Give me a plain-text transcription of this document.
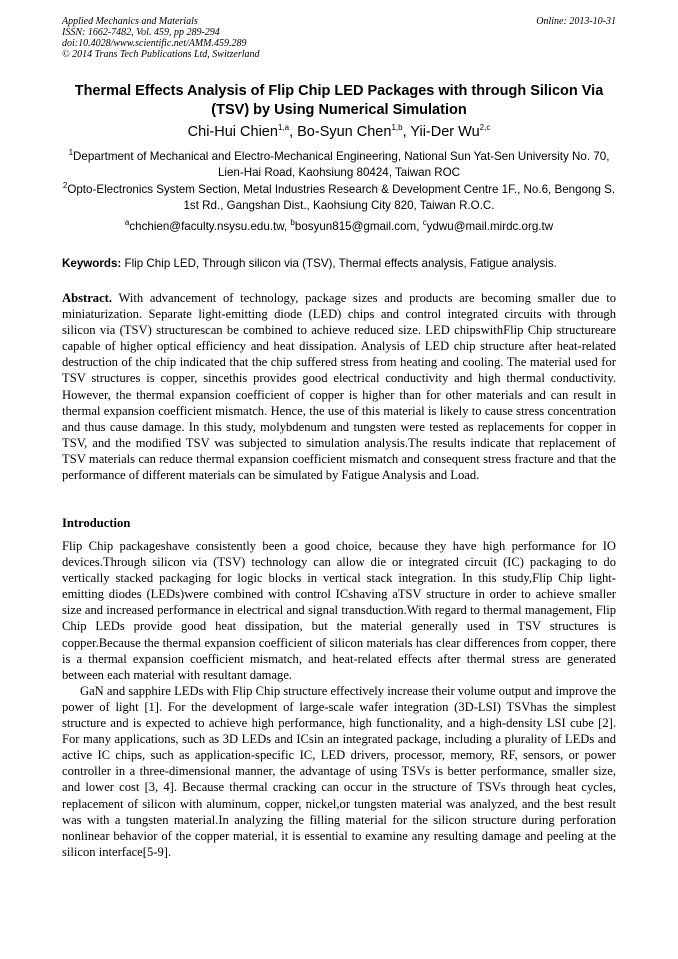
Applied Mechanics and Materials
ISSN: 1662-7482, Vol. 459, pp 289-294
doi:10.4028/www.scientific.net/AMM.459.289
© 2014 Trans Tech Publications Ltd, Switzerland
Online: 2013-10-31
Thermal Effects Analysis of Flip Chip LED Packages with through Silicon Via (TSV) by Using Numerical Simulation
Chi-Hui Chien$^{1,a}$, Bo-Syun Chen$^{1,b}$, Yii-Der Wu$^{2,c}$
$^1$Department of Mechanical and Electro-Mechanical Engineering, National Sun Yat-Sen University No. 70, Lien-Hai Road, Kaohsiung 80424, Taiwan ROC
$^2$Opto-Electronics System Section, Metal Industries Research & Development Centre 1F., No.6, Bengong S. 1st Rd., Gangshan Dist., Kaohsiung City 820, Taiwan R.O.C.
$^a$chchien@faculty.nsysu.edu.tw, $^b$bosyun815@gmail.com, $^c$ydwu@mail.mirdc.org.tw
Keywords: Flip Chip LED, Through silicon via (TSV), Thermal effects analysis, Fatigue analysis.

Abstract. With advancement of technology, package sizes and products are becoming smaller due to miniaturization. Separate light-emitting diode (LED) chips and control integrated circuits with through silicon via (TSV) structurescan be combined to achieve reduced size. LED chipswithFlip Chip structureare capable of higher optical efficiency and heat dissipation. Analysis of LED chip structure after heat-related destruction of the chip indicated that the chip suffered stress from heating and cooling. The material used for TSV structures is copper, sincethis provides good electrical conductivity and high thermal conductivity. However, the thermal expansion coefficient of copper is higher than for other materials and can result in thermal expansion coefficient mismatch. Hence, the use of this material is likely to cause stress concentration and thus cause damage. In this study, molybdenum and tungsten were tested as replacements for copper in TSV, and the modified TSV was subjected to simulation analysis.The results indicate that replacement of TSV materials can reduce thermal expansion coefficient mismatch and consequent stress fracture and that the performance of different materials can be simulated by Fatigue Analysis and Load.

Introduction

Flip Chip packageshave consistently been a good choice, because they have high performance for IO devices.Through silicon via (TSV) technology can allow die or integrated circuit (IC) packaging to do vertically stacked packaging for logic blocks in vertical stack integration. In this study,Flip Chip light-emitting diodes (LEDs)were combined with control ICshaving aTSV structure in order to achieve smaller size and increased performance in electrical and signal transduction.With regard to thermal management, Flip Chip LEDs provide good heat dissipation, but the material generally used in TSV structures is copper.Because the thermal expansion coefficient of silicon materials has clear differences from copper, there is a thermal expansion coefficient mismatch, and heat-related effects after thermal stress are generated between each material with resultant damage.

GaN and sapphire LEDs with Flip Chip structure effectively increase their volume output and improve the power of light [1]. For the development of large-scale wafer integration (3D-LSI) TSVhas the simplest structure and is expected to achieve high performance, high functionality, and a high-density LSI cube [2]. For many applications, such as 3D LEDs and ICsin an integrated package, including a plurality of LEDs and active IC chips, such as application-specific IC, LED drivers, processor, memory, RF, sensors, or power controller in a three-dimensional manner, the advantage of using TSVs is better performance, smaller size, and lower cost [3, 4]. Because thermal cracking can occur in the structure of TSVs through heat cycles, replacement of silicon with aluminum, copper, nickel,or tungsten material was analyzed, and the best result was with a tungsten material.In analyzing the filling material for the silicon structure during perforation nonlinear behavior of the copper material, it is essential to examine any resulting damage and peeling at the silicon interface[5-9].
